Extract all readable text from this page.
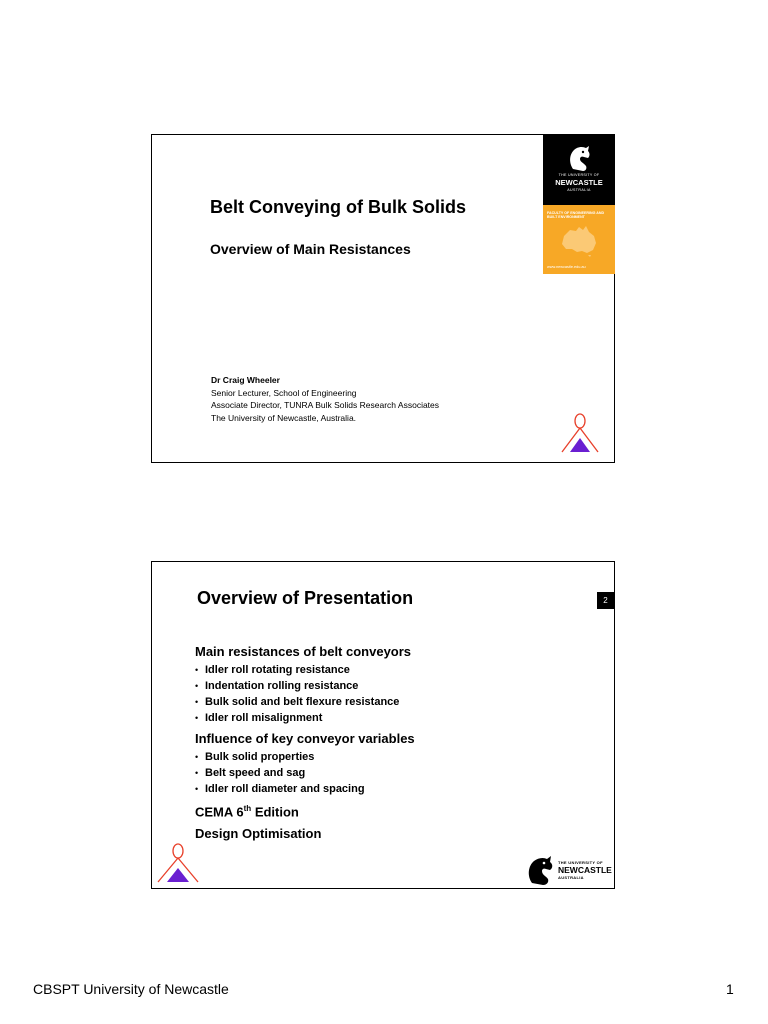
Belt Conveying of Bulk Solids
Overview of Main Resistances
Dr Craig Wheeler
Senior Lecturer, School of Engineering
Associate Director, TUNRA Bulk Solids Research Associates
The University of Newcastle, Australia.
THE UNIVERSITY OF
NEWCASTLE
AUSTRALIA
FACULTY OF ENGINEERING AND BUILT ENVIRONMENT
www.newcastle.edu.au
Overview of Presentation	2
Main resistances of belt conveyors
• Idler roll rotating resistance
• Indentation rolling resistance
• Bulk solid and belt flexure resistance
• Idler roll misalignment
Influence of key conveyor variables
• Bulk solid properties
• Belt speed and sag
• Idler roll diameter and spacing
CEMA 6th Edition
Design Optimisation
THE UNIVERSITY OF
NEWCASTLE
AUSTRALIA
CBSPT University of Newcastle	1
